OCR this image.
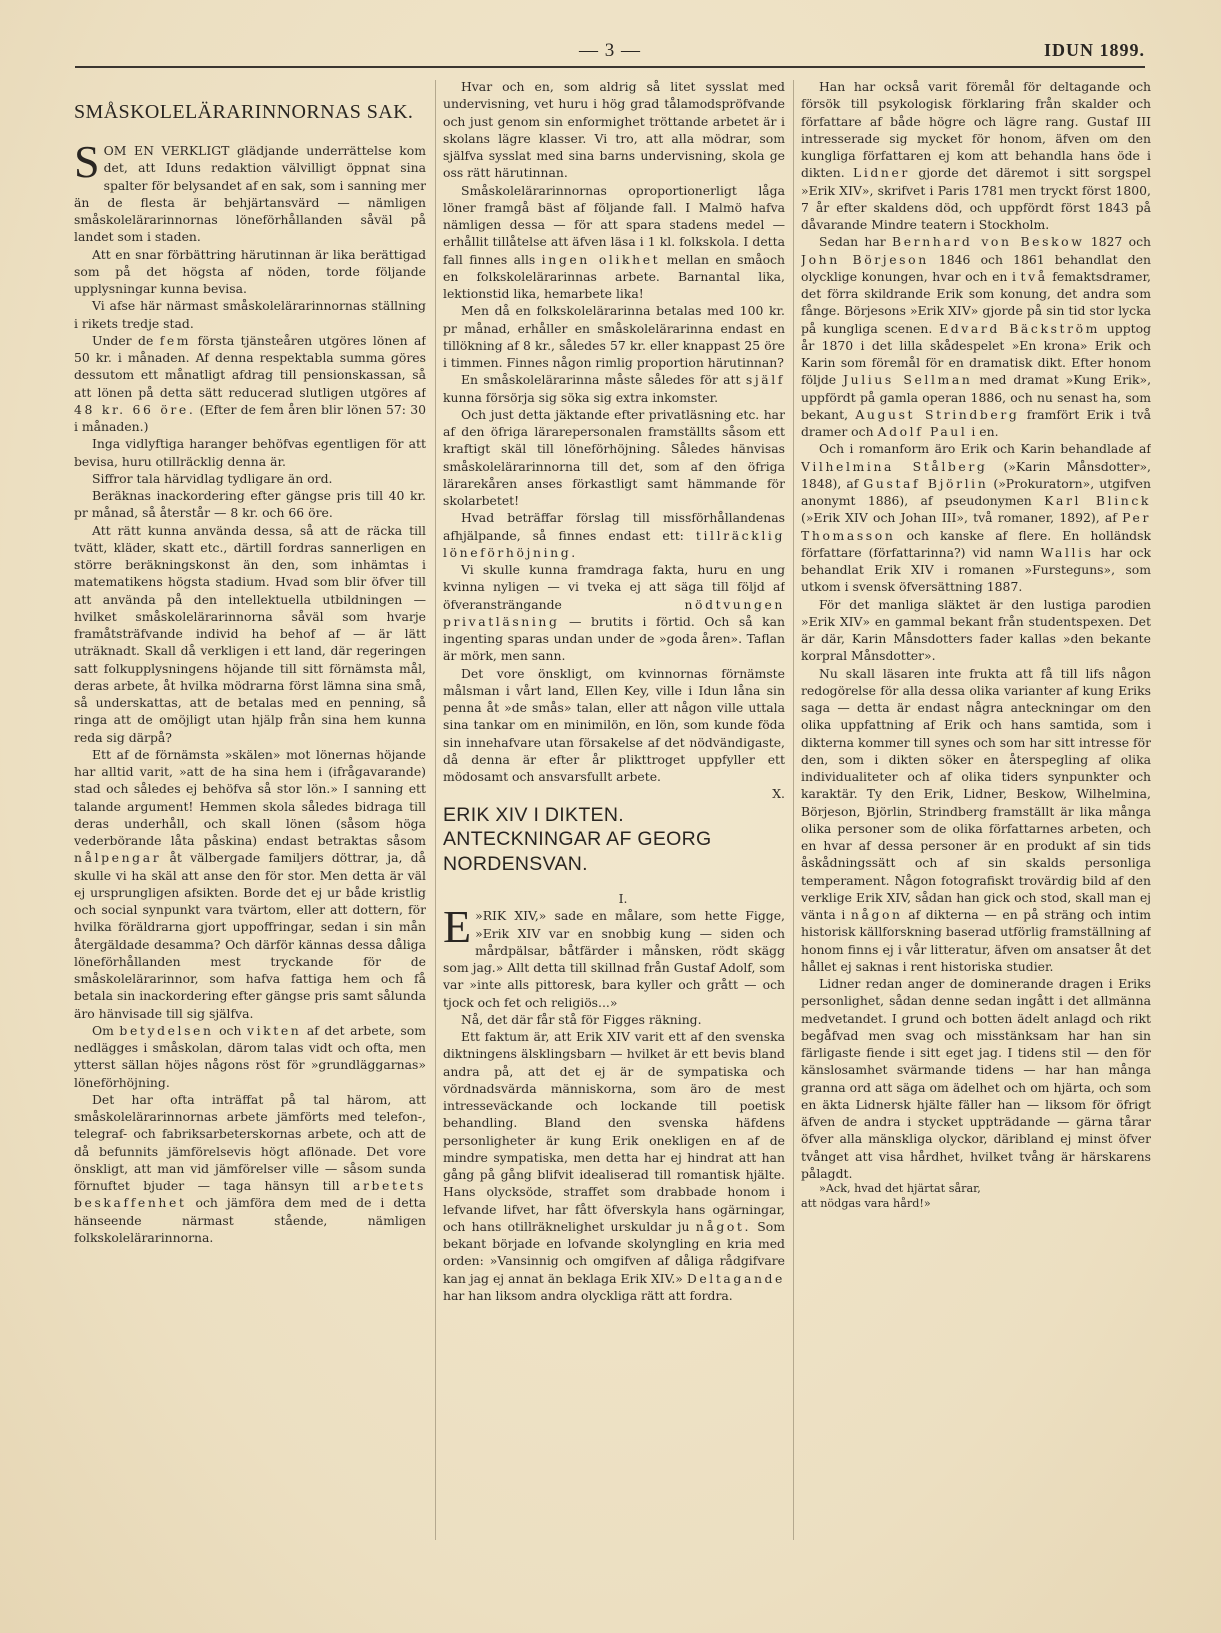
— 3 —	IDUN 1899.

SMÅSKOLELÄRARINNORNAS SAK.

SOM EN VERKLIGT glädjande underrättelse kom det, att Iduns redaktion välvilligt öppnat sina spalter för belysandet af en sak, som i sanning mer än de flesta är behjärtansvärd — nämligen småskolelärarinnornas löneförhållanden såväl på landet som i staden.

Att en snar förbättring härutinnan är lika berättigad som på det högsta af nöden, torde följande upplysningar kunna bevisa.

Vi afse här närmast småskolelärarinnornas ställning i rikets tredje stad.

Under de fem första tjänsteåren utgöres lönen af 50 kr. i månaden. Af denna respektabla summa göres dessutom ett månatligt afdrag till pensionskassan, så att lönen på detta sätt reducerad slutligen utgöres af 48 kr. 66 öre. (Efter de fem åren blir lönen 57: 30 i månaden.)

Inga vidlyftiga haranger behöfvas egentligen för att bevisa, huru otillräcklig denna är.

Siffror tala härvidlag tydligare än ord.

Beräknas inackordering efter gängse pris till 40 kr. pr månad, så återstår — 8 kr. och 66 öre.

Att rätt kunna använda dessa, så att de räcka till tvätt, kläder, skatt etc., därtill fordras sannerligen en större beräkningskonst än den, som inhämtas i matematikens högsta stadium. Hvad som blir öfver till att använda på den intellektuella utbildningen — hvilket småskolelärarinnorna såväl som hvarje framåtsträfvande individ ha behof af — är lätt uträknadt. Skall då verkligen i ett land, där regeringen satt folkupplysningens höjande till sitt förnämsta mål, deras arbete, åt hvilka mödrarna först lämna sina små, så underskattas, att de betalas med en penning, så ringa att de omöjligt utan hjälp från sina hem kunna reda sig därpå?

Ett af de förnämsta »skälen» mot lönernas höjande har alltid varit, »att de ha sina hem i (ifrågavarande) stad och således ej behöfva så stor lön.» I sanning ett talande argument! Hemmen skola således bidraga till deras underhåll, och skall lönen (såsom höga vederbörande låta påskina) endast betraktas såsom nålpengar åt välbergade familjers döttrar, ja, då skulle vi ha skäl att anse den för stor. Men detta är väl ej ursprungligen afsikten. Borde det ej ur både kristlig och social synpunkt vara tvärtom, eller att dottern, för hvilka föräldrarna gjort uppoffringar, sedan i sin mån återgäldade desamma? Och därför kännas dessa dåliga löneförhållanden mest tryckande för de småskolelärarinnor, som hafva fattiga hem och få betala sin inackordering efter gängse pris samt sålunda äro hänvisade till sig själfva.

Om betydelsen och vikten af det arbete, som nedlägges i småskolan, därom talas vidt och ofta, men ytterst sällan höjes någons röst för »grundläggarnas» löneförhöjning.

Det har ofta inträffat på tal härom, att småskolelärarinnornas arbete jämförts med telefon-, telegraf- och fabriksarbeterskornas arbete, och att de då befunnits jämförelsevis högt aflönade. Det vore önskligt, att man vid jämförelser ville — såsom sunda förnuftet bjuder — taga hänsyn till arbetets beskaffenhet och jämföra dem med de i detta hänseende närmast stående, nämligen folkskolelärarinnorna.

Hvar och en, som aldrig så litet sysslat med undervisning, vet huru i hög grad tålamodspröfvande och just genom sin enformighet tröttande arbetet är i skolans lägre klasser. Vi tro, att alla mödrar, som själfva sysslat med sina barns undervisning, skola ge oss rätt härutinnan.

Småskolelärarinnornas oproportionerligt låga löner framgå bäst af följande fall. I Malmö hafva nämligen dessa — för att spara stadens medel — erhållit tillåtelse att äfven läsa i 1 kl. folkskola. I detta fall finnes alls ingen olikhet mellan en småoch en folkskolelärarinnas arbete. Barnantal lika, lektionstid lika, hemarbete lika!

Men då en folkskolelärarinna betalas med 100 kr. pr månad, erhåller en småskolelärarinna endast en tillökning af 8 kr., således 57 kr. eller knappast 25 öre i timmen. Finnes någon rimlig proportion härutinnan?

En småskolelärarinna måste således för att själf kunna försörja sig söka sig extra inkomster.

Och just detta jäktande efter privatläsning etc. har af den öfriga lärarepersonalen framställts såsom ett kraftigt skäl till löneförhöjning. Således hänvisas småskolelärarinnorna till det, som af den öfriga lärarekåren anses förkastligt samt hämmande för skolarbetet!

Hvad beträffar förslag till missförhållandenas afhjälpande, så finnes endast ett: tillräcklig löneförhöjning.

Vi skulle kunna framdraga fakta, huru en ung kvinna nyligen — vi tveka ej att säga till följd af öfveransträngande nödtvungen privatläsning — brutits i förtid. Och så kan ingenting sparas undan under de »goda åren». Taflan är mörk, men sann.

Det vore önskligt, om kvinnornas förnämste målsman i vårt land, Ellen Key, ville i Idun låna sin penna åt »de smås» talan, eller att någon ville uttala sina tankar om en minimilön, en lön, som kunde föda sin innehafvare utan försakelse af det nödvändigaste, då denna är efter år plikttroget uppfyller ett mödosamt och ansvarsfullt arbete.

X.

ERIK XIV I DIKTEN. ANTECKNINGAR AF GEORG NORDENSVAN.

I.

»
E RIK XIV,» sade en målare, som hette Figge, »Erik XIV var en snobbig kung — siden och mårdpälsar, båtfärder i månsken, rödt skägg som jag.» Allt detta till skillnad från Gustaf Adolf, som var »inte alls pittoresk, bara kyller och grått — och tjock och fet och religiös...»

Nå, det där får stå för Figges räkning.

Ett faktum är, att Erik XIV varit ett af den svenska diktningens älsklingsbarn — hvilket är ett bevis bland andra på, att det ej är de sympatiska och vördnadsvärda människorna, som äro de mest intresseväckande och lockande till poetisk behandling. Bland den svenska häfdens personligheter är kung Erik onekligen en af de mindre sympatiska, men detta har ej hindrat att han gång på gång blifvit idealiserad till romantisk hjälte. Hans olycksöde, straffet som drabbade honom i lefvande lifvet, har fått öfverskyla hans ogärningar, och hans otillräknelighet urskuldar ju något. Som bekant började en lofvande skolyngling en kria med orden: »Vansinnig och omgifven af dåliga rådgifvare kan jag ej annat än beklaga Erik XIV.» Deltagande har han liksom andra olyckliga rätt att fordra.

Han har också varit föremål för deltagande och försök till psykologisk förklaring från skalder och författare af både högre och lägre rang. Gustaf III intresserade sig mycket för honom, äfven om den kungliga författaren ej kom att behandla hans öde i dikten. Lidner gjorde det däremot i sitt sorgspel »Erik XIV», skrifvet i Paris 1781 men tryckt först 1800, 7 år efter skaldens död, och uppfördt först 1843 på dåvarande Mindre teatern i Stockholm.

Sedan har Bernhard von Beskow 1827 och John Börjeson 1846 och 1861 behandlat den olycklige konungen, hvar och en i två femaktsdramer, det förra skildrande Erik som konung, det andra som fånge. Börjesons »Erik XIV» gjorde på sin tid stor lycka på kungliga scenen. Edvard Bäckström upptog år 1870 i det lilla skådespelet »En krona» Erik och Karin som föremål för en dramatisk dikt. Efter honom följde Julius Sellman med dramat »Kung Erik», uppfördt på gamla operan 1886, och nu senast ha, som bekant, August Strindberg framfört Erik i två dramer och Adolf Paul i en.

Och i romanform äro Erik och Karin behandlade af Vilhelmina Stålberg (»Karin Månsdotter», 1848), af Gustaf Björlin (»Prokuratorn», utgifven anonymt 1886), af pseudonymen Karl Blinck (»Erik XIV och Johan III», två romaner, 1892), af Per Thomasson och kanske af flere. En holländsk författare (författarinna?) vid namn Wallis har ock behandlat Erik XIV i romanen »Fursteguns», som utkom i svensk öfversättning 1887.

För det manliga släktet är den lustiga parodien »Erik XIV» en gammal bekant från studentspexen. Det är där, Karin Månsdotters fader kallas »den bekante korpral Månsdotter».

Nu skall läsaren inte frukta att få till lifs någon redogörelse för alla dessa olika varianter af kung Eriks saga — detta är endast några anteckningar om den olika uppfattning af Erik och hans samtida, som i dikterna kommer till synes och som har sitt intresse för den, som i dikten söker en återspegling af olika individualiteter och af olika tiders synpunkter och karaktär. Ty den Erik, Lidner, Beskow, Wilhelmina, Börjeson, Björlin, Strindberg framställt är lika många olika personer som de olika författarnes arbeten, och en hvar af dessa personer är en produkt af sin tids åskådningssätt och af sin skalds personliga temperament. Någon fotografiskt trovärdig bild af den verklige Erik XIV, sådan han gick och stod, skall man ej vänta i någon af dikterna — en på sträng och intim historisk källforskning baserad utförlig framställning af honom finns ej i vår litteratur, äfven om ansatser åt det hållet ej saknas i rent historiska studier.

Lidner redan anger de dominerande dragen i Eriks personlighet, sådan denne sedan ingått i det allmänna medvetandet. I grund och botten ädelt anlagd och rikt begåfvad men svag och misstänksam har han sin färligaste fiende i sitt eget jag. I tidens stil — den för känslosamhet svärmande tidens — har han många granna ord att säga om ädelhet och om hjärta, och som en äkta Lidnersk hjälte fäller han — liksom för öfrigt äfven de andra i stycket uppträdande — gärna tårar öfver alla mänskliga olyckor, däribland ej minst öfver tvånget att visa hårdhet, hvilket tvång är härskarens pålagdt.

»Ack, hvad det hjärtat sårar,
att nödgas vara hård!»
